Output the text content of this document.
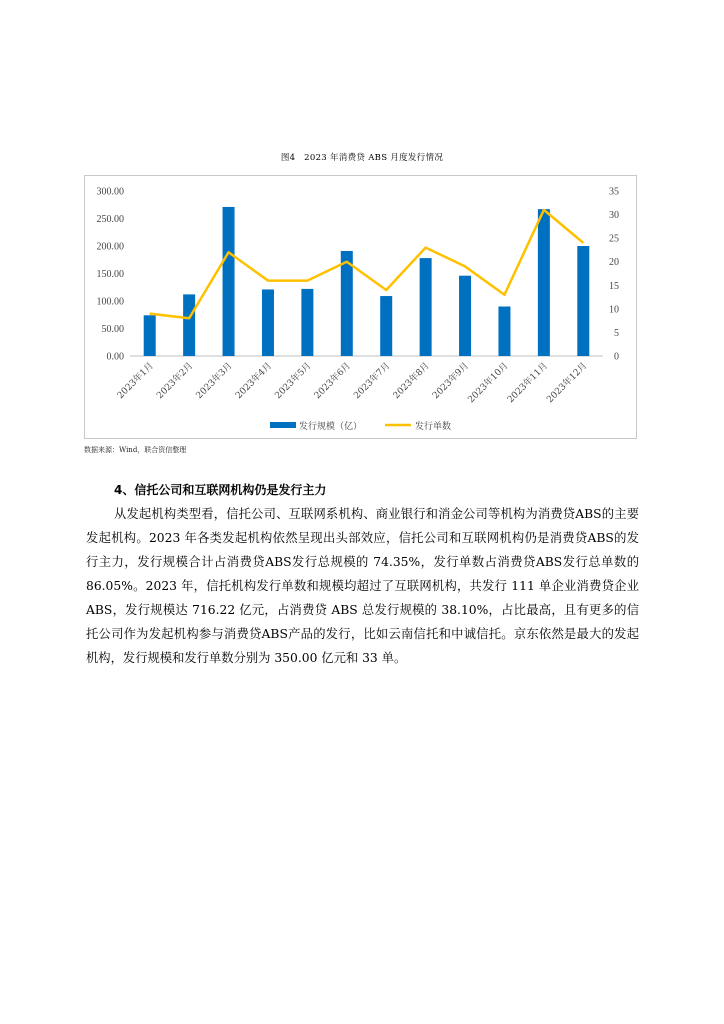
图4　2023 年消费贷 ABS 月度发行情况
0.00
50.00
100.00
150.00
200.00
250.00
300.00
0
5
10
15
20
25
30
35
2023年1月 2023年2月 2023年3月 2023年4月 2023年5月 2023年6月 2023年7月 2023年8月 2023年9月
2023年10月
2023年11月
2023年12月
发行规模（亿）	发行单数
数据来源：Wind，联合资信整理
4、信托公司和互联网机构仍是发行主力
从发起机构类型看，信托公司、互联网系机构、商业银行和消金公司等机构为消费贷ABS的主要发起机构。2023 年各类发起机构依然呈现出头部效应，信托公司和互联网机构仍是消费贷ABS的发行主力，发行规模合计占消费贷ABS发行总规模的 74.35%，发行单数占消费贷ABS发行总单数的 86.05%。2023 年，信托机构发行单数和规模均超过了互联网机构，共发行 111 单企业消费贷企业ABS，发行规模达 716.22 亿元，占消费贷 ABS 总发行规模的 38.10%，占比最高，且有更多的信托公司作为发起机构参与消费贷ABS产品的发行，比如云南信托和中诚信托。京东依然是最大的发起机构，发行规模和发行单数分别为 350.00 亿元和 33 单。
